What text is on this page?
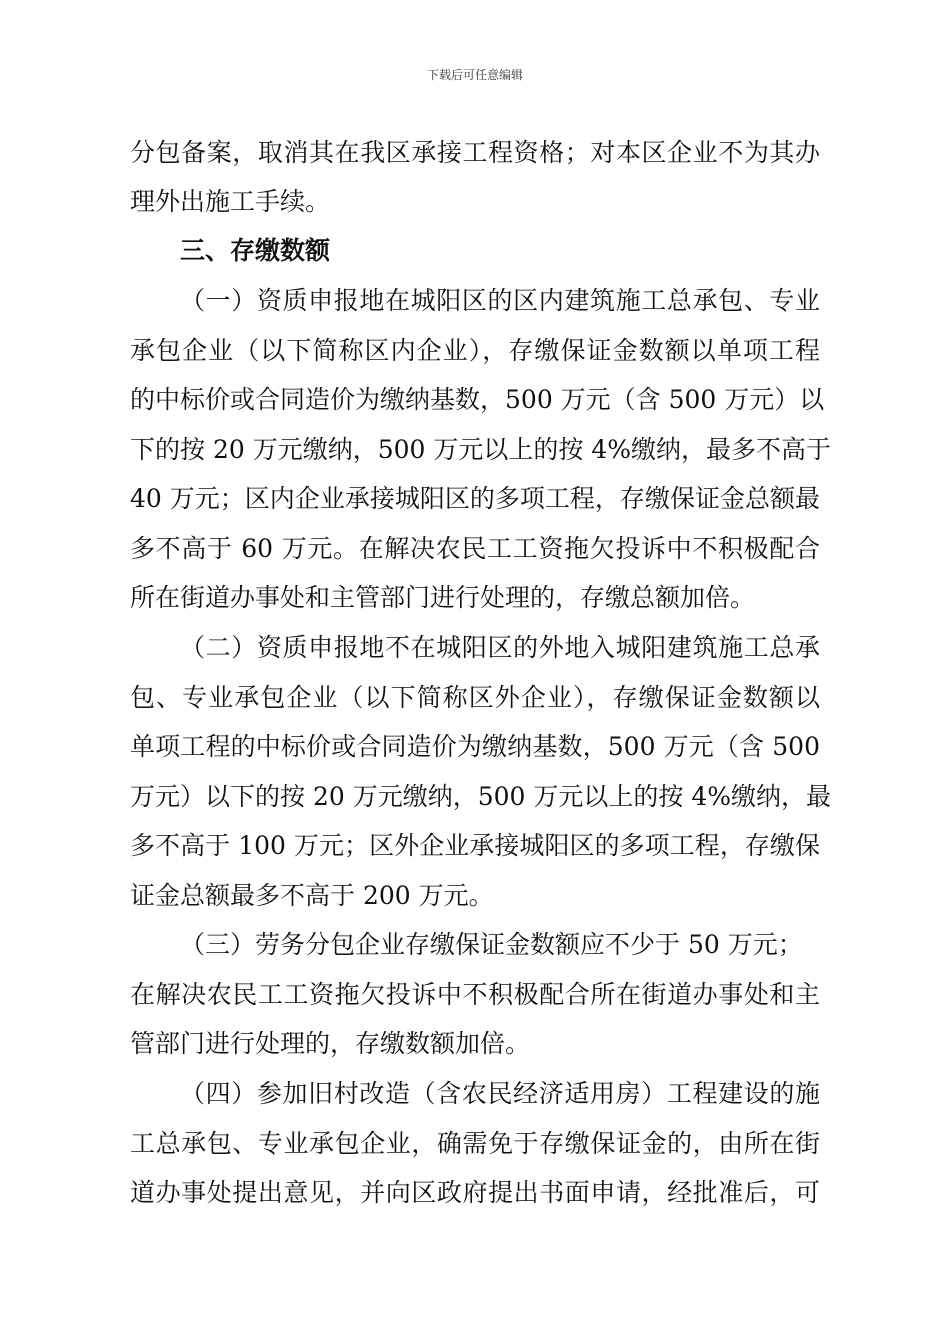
下载后可任意编辑
分包备案，取消其在我区承接工程资格；对本区企业不为其办
理外出施工手续。
三、存缴数额
（一）资质申报地在城阳区的区内建筑施工总承包、专业
承包企业（以下简称区内企业），存缴保证金数额以单项工程
的中标价或合同造价为缴纳基数，500 万元（含 500 万元）以
下的按 20 万元缴纳，500 万元以上的按 4%缴纳，最多不高于
40 万元；区内企业承接城阳区的多项工程，存缴保证金总额最
多不高于 60 万元。在解决农民工工资拖欠投诉中不积极配合
所在街道办事处和主管部门进行处理的，存缴总额加倍。
（二）资质申报地不在城阳区的外地入城阳建筑施工总承
包、专业承包企业（以下简称区外企业），存缴保证金数额以
单项工程的中标价或合同造价为缴纳基数，500 万元（含 500
万元）以下的按 20 万元缴纳，500 万元以上的按 4%缴纳，最
多不高于 100 万元；区外企业承接城阳区的多项工程，存缴保
证金总额最多不高于 200 万元。
（三）劳务分包企业存缴保证金数额应不少于 50 万元；
在解决农民工工资拖欠投诉中不积极配合所在街道办事处和主
管部门进行处理的，存缴数额加倍。
（四）参加旧村改造（含农民经济适用房）工程建设的施
工总承包、专业承包企业，确需免于存缴保证金的，由所在街
道办事处提出意见，并向区政府提出书面申请，经批准后，可
